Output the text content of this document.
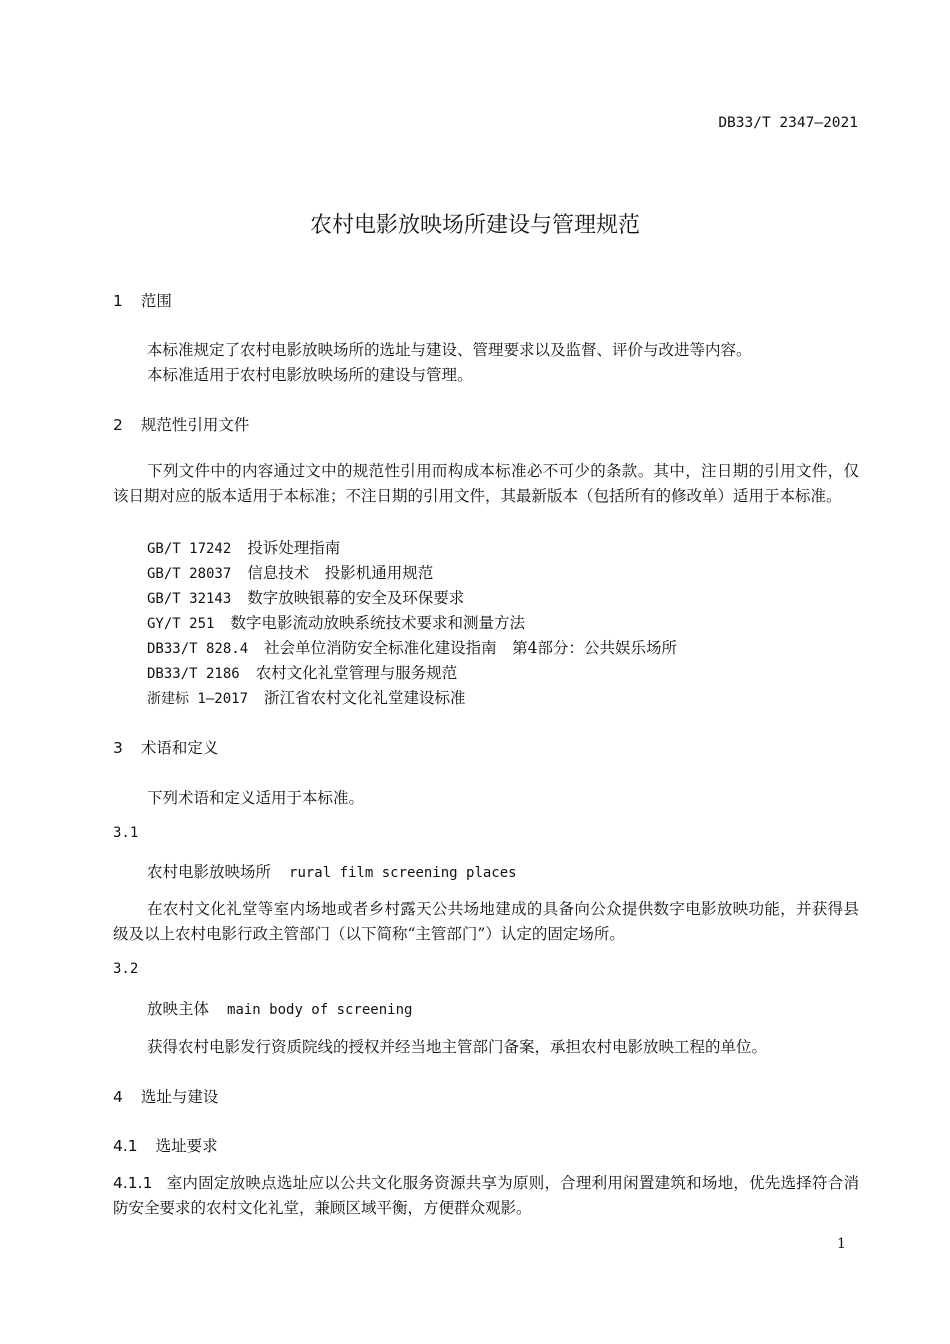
DB33/T 2347—2021
农村电影放映场所建设与管理规范
1 范围
本标准规定了农村电影放映场所的选址与建设、管理要求以及监督、评价与改进等内容。
本标准适用于农村电影放映场所的建设与管理。
2 规范性引用文件
下列文件中的内容通过文中的规范性引用而构成本标准必不可少的条款。其中，注日期的引用文件，仅该日期对应的版本适用于本标准；不注日期的引用文件，其最新版本（包括所有的修改单）适用于本标准。
GB/T 17242 投诉处理指南
GB/T 28037 信息技术　投影机通用规范
GB/T 32143 数字放映银幕的安全及环保要求
GY/T 251 数字电影流动放映系统技术要求和测量方法
DB33/T 828.4 社会单位消防安全标准化建设指南　第4部分：公共娱乐场所
DB33/T 2186 农村文化礼堂管理与服务规范
浙建标 1—2017 浙江省农村文化礼堂建设标准
3 术语和定义
下列术语和定义适用于本标准。
3.1
农村电影放映场所 rural film screening places
在农村文化礼堂等室内场地或者乡村露天公共场地建成的具备向公众提供数字电影放映功能，并获得县级及以上农村电影行政主管部门（以下简称“主管部门”）认定的固定场所。
3.2
放映主体 main body of screening
获得农村电影发行资质院线的授权并经当地主管部门备案，承担农村电影放映工程的单位。
4 选址与建设
4.1 选址要求
4.1.1 室内固定放映点选址应以公共文化服务资源共享为原则，合理利用闲置建筑和场地，优先选择符合消防安全要求的农村文化礼堂，兼顾区域平衡，方便群众观影。
1
